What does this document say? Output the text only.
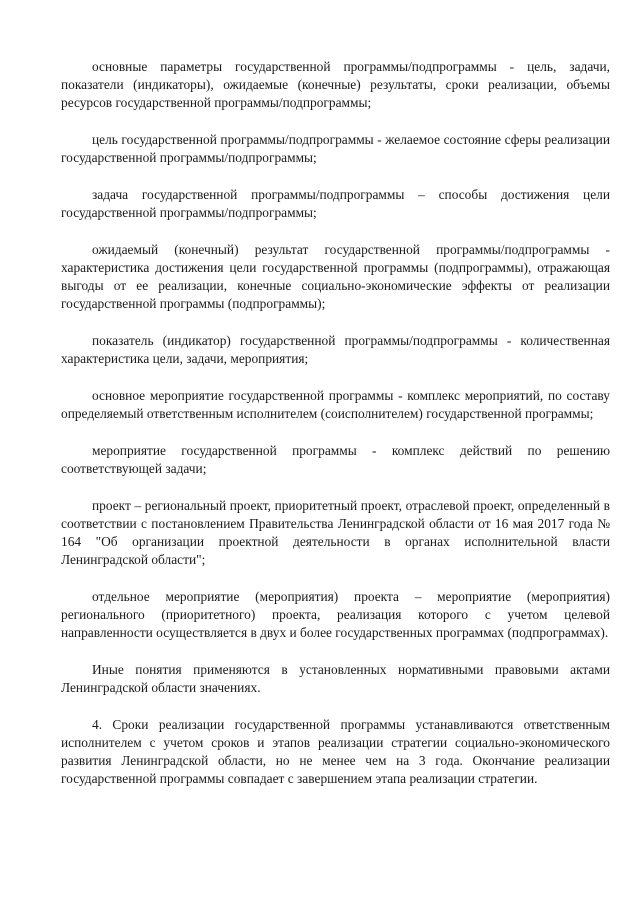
основные параметры государственной программы/подпрограммы - цель, задачи, показатели (индикаторы), ожидаемые (конечные) результаты, сроки реализации, объемы ресурсов государственной программы/подпрограммы;

цель государственной программы/подпрограммы - желаемое состояние сферы реализации государственной программы/подпрограммы;

задача государственной программы/подпрограммы – способы достижения цели государственной программы/подпрограммы;

ожидаемый (конечный) результат государственной программы/подпрограммы - характеристика достижения цели государственной программы (подпрограммы), отражающая выгоды от ее реализации, конечные социально-экономические эффекты от реализации государственной программы (подпрограммы);

показатель (индикатор) государственной программы/подпрограммы - количественная характеристика цели, задачи, мероприятия;

основное мероприятие государственной программы - комплекс мероприятий, по составу определяемый ответственным исполнителем (соисполнителем) государственной программы;

мероприятие государственной программы - комплекс действий по решению соответствующей задачи;

проект – региональный проект, приоритетный проект, отраслевой проект, определенный в соответствии с постановлением Правительства Ленинградской области от 16 мая 2017 года № 164 "Об организации проектной деятельности в органах исполнительной власти Ленинградской области";

отдельное мероприятие (мероприятия) проекта – мероприятие (мероприятия) регионального (приоритетного) проекта, реализация которого с учетом целевой направленности осуществляется в двух и более государственных программах (подпрограммах).

Иные понятия применяются в установленных нормативными правовыми актами Ленинградской области значениях.

4. Сроки реализации государственной программы устанавливаются ответственным исполнителем с учетом сроков и этапов реализации стратегии социально-экономического развития Ленинградской области, но не менее чем на 3 года. Окончание реализации государственной программы совпадает с завершением этапа реализации стратегии.
